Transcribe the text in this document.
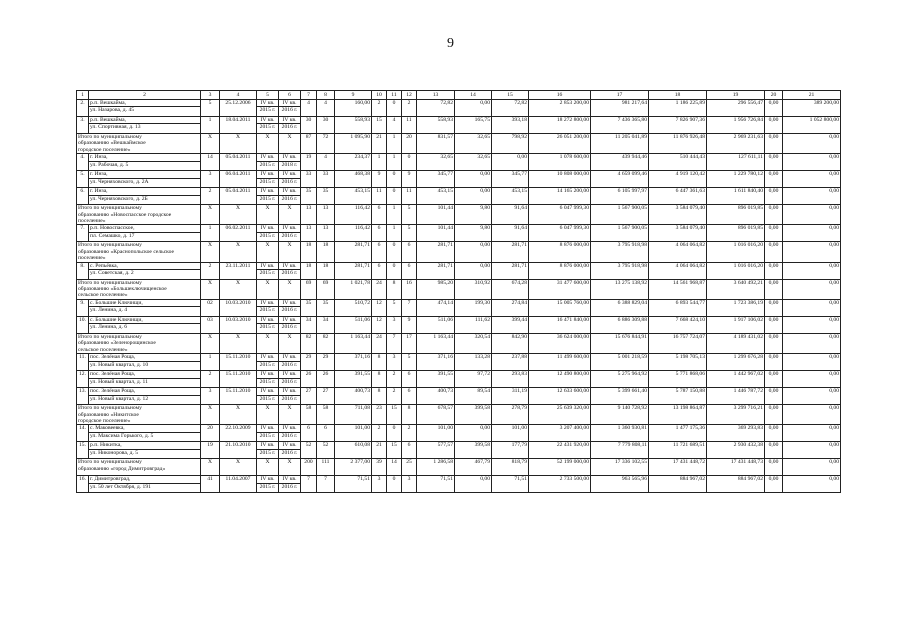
9
1	2	3	4	5	6	7	8	9	10	11	12	13	14	15	16	17	18	19	20	21
2.	р.п. Вешкайма,
ул. Назарова, д. 45	5	25.12.2006	IV кв.
2015 г.	IV кв.
2016 г.	4	4	160,00	2	0	2	72,82	0,00	72,82	2 853 200,00	981 217,64	1 186 225,89	296 556,47	0,00	389 200,00
3.	р.п. Вешкайма,
ул. Спортивная, д. 13	1	18.04.2011	IV кв.
2015 г.	IV кв.
2016 г.	30	30	558,93	15	4	11	558,93	165,75	393,18	18 272 800,00	7 436 365,80	7 826 907,36	1 956 726,84	0,00	1 052 800,00

Итого по муниципальному
образованию «Вешкаймское
городское поселение»		X	X	X	X	87	72	1 095,90	21	1	20	831,57	32,65	798,92	26 051 200,00	11 205 041,89	11 876 926,48	2 969 231,63	0,00	0,00
4.	г. Инза,
ул. Рабочая, д. 5	14	05.04.2011	IV кв.
2015 г.	IV кв.
2018 г.	19	4	234,37	1	1	0	32,65	32,65	0,00	1 078 600,00	439 944,46	510 444,43	127 611,11	0,00	0,00
5.	г. Инза,
ул. Черняховского, д. 2А	3	06.04.2011	IV кв.
2015 г.	IV кв.
2016 г.	33	33	468,38	9	0	9	345,77	0,00	345,77	10 808 000,00	4 659 099,46	4 919 120,42	1 229 780,12	0,00	0,00
6.	г. Инза,
ул. Черняховского, д. 2Б	2	05.04.2011	IV кв.
2015 г.	IV кв.
2016 г.	35	35	453,15	11	0	11	453,15	0,00	453,15	14 165 200,00	6 105 997,97	6 447 361,63	1 611 840,40	0,00	0,00

Итого по муниципальному
образованию «Новоспасское городское
поселение»		X	X	X	X	13	13	116,42	6	1	5	101,44	9,80	91,64	6 047 999,30	1 567 900,05	3 584 079,40	896 019,85	0,00	0,00
7.	р.п. Новоспасское,
пл. Семашко, д. 17	1	06.02.2011	IV кв.
2015 г.	IV кв.
2016 г.	13	13	116,42	6	1	5	101,44	9,80	91,64	6 047 999,30	1 567 900,05	3 584 079,40	896 019,85	0,00	0,00

Итого по муниципальному
образованию «Краснопольское сельское
поселение»		X	X	X	X	18	18	281,71	6	0	6	281,71	0,00	281,71	8 876 000,00	3 795 918,98	4 064 064,82	1 016 016,20	0,00	0,00
8.	с. Репьёвка,
ул. Советская, д. 2	2	23.11.2011	IV кв.
2015 г.	IV кв.
2016 г.	18	18	281,71	6	0	6	281,71	0,00	281,71	8 876 000,00	3 795 918,98	4 064 064,82	1 016 016,20	0,00	0,00

Итого по муниципальному
образованию «Большеключищенское
сельское поселение»		X	X	X	X	69	69	1 021,78	24	8	16	985,20	310,92	674,28	31 477 600,00	13 275 138,92	14 561 968,87	3 640 492,21	0,00	0,00
9.	с. Большие Ключищи,
ул. Ленина, д. 4	02	10.03.2010	IV кв.
2015 г.	IV кв.
2016 г.	35	35	510,72	12	5	7	474,14	199,30	274,84	15 005 760,00	6 388 829,04	6 893 544,77	1 723 386,19	0,00	0,00
10.	с. Большие Ключищи,
ул. Ленина, д. 6	03	10.03.2010	IV кв.
2015 г.	IV кв.
2016 г.	34	34	511,06	12	3	9	511,06	111,62	399,44	16 471 840,00	6 886 309,88	7 668 424,10	1 917 106,02	0,00	0,00

Итого по муниципальному
образованию «Зеленорощинское
сельское поселение»		X	X	X	X	82	82	1 163,44	24	7	17	1 163,44	320,54	842,90	36 624 000,00	15 676 844,91	16 757 724,07	4 189 431,02	0,00	0,00
11.	пос. Зелёная Роща,
ул. Новый квартал, д. 10	1	15.11.2010	IV кв.
2015 г.	IV кв.
2016 г.	29	29	371,16	8	3	5	371,16	133,28	237,88	11 499 600,00	5 001 218,59	5 198 705,13	1 299 676,28	0,00	0,00
12.	пос. Зелёная Роща,
ул. Новый квартал, д. 11	2	15.11.2010	IV кв.
2015 г.	IV кв.
2016 г.	26	26	391,55	8	2	6	391,55	97,72	293,83	12 490 800,00	5 275 964,92	5 771 868,06	1 442 967,02	0,00	0,00
13.	пос. Зелёная Роща,
ул. Новый квартал, д. 12	3	15.11.2010	IV кв.
2015 г.	IV кв.
2016 г.	27	27	400,73	8	2	6	400,73	89,54	311,19	12 633 600,00	5 399 661,40	5 787 150,88	1 446 787,72	0,00	0,00

Итого по муниципальному
образованию «Никитское
городское поселение»		X	X	X	X	58	58	711,08	23	15	8	678,57	399,58	278,79	25 639 320,00	9 140 728,92	13 198 864,87	3 299 716,21	0,00	0,00
14.	с. Маковеевка,
ул. Максима Горького, д. 5	20	22.10.2009	IV кв.
2015 г.	IV кв.
2016 г.	6	6	101,00	2	0	2	101,00	0,00	101,00	3 207 400,00	1 360 930,81	1 477 175,36	369 293,83	0,00	0,00
15.	р.п. Никитка,
ул. Никонорова, д. 5	19	21.10.2010	IV кв.
2015 г.	IV кв.
2016 г.	52	52	610,08	21	15	6	577,57	399,58	177,79	22 431 920,00	7 779 808,11	11 721 689,51	2 930 432,38	0,00	0,00

Итого по муниципальному
образованию «город Димитровград»		X	X	X	X	200	111	2 377,00	39	14	25	1 286,58	467,79	818,79	52 199 000,00	17 336 102,55	17 431 448,72	17 431 448,73	0,00	0,00
16.	г. Димитровград,
ул. 50 лет Октября, д. 191	41	11.04.2007	IV кв.
2015 г.	IV кв.
2016 г.	7	7	71,51	3	0	3	71,51	0,00	71,51	2 733 500,00	963 565,96	884 967,02	884 967,02	0,00	0,00
